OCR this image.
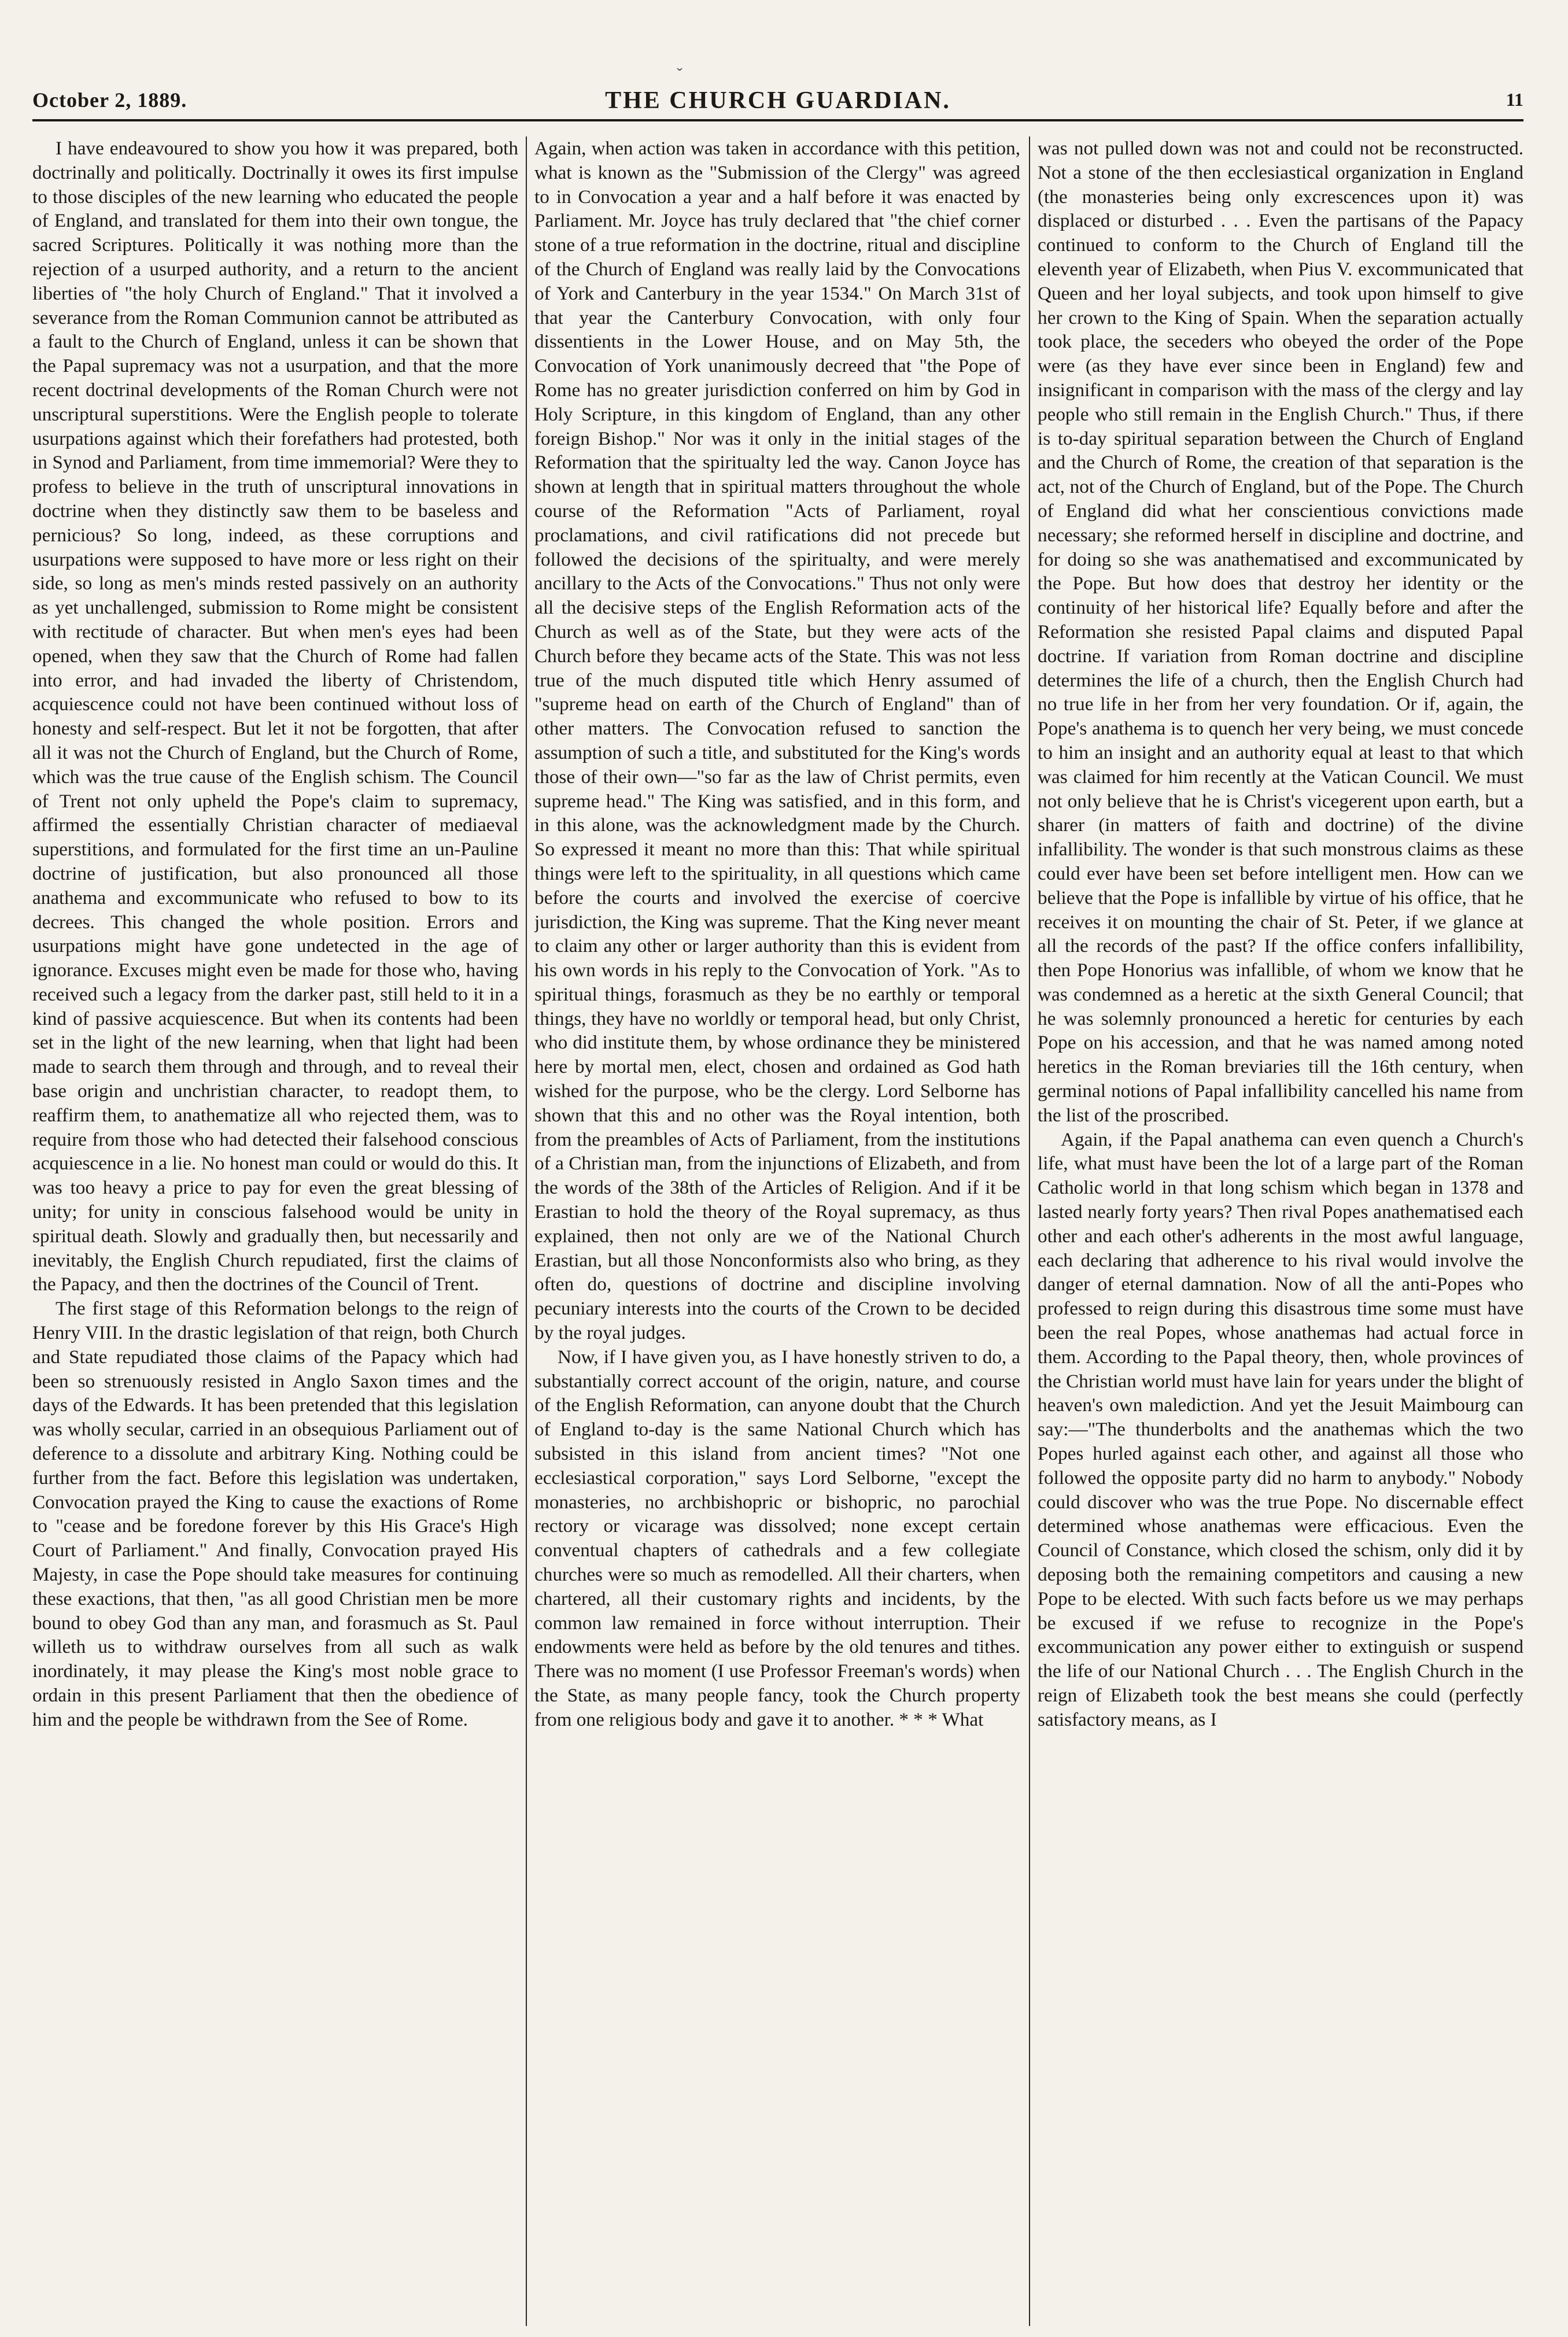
ˇ
October 2, 1889.	THE CHURCH GUARDIAN.	11

I have endeavoured to show you how it was prepared, both doctrinally and politically. Doctrinally it owes its first impulse to those disciples of the new learning who educated the people of England, and translated for them into their own tongue, the sacred Scriptures. Politically it was nothing more than the rejection of a usurped authority, and a return to the ancient liberties of "the holy Church of England." That it involved a severance from the Roman Communion cannot be attributed as a fault to the Church of England, unless it can be shown that the Papal supremacy was not a usurpation, and that the more recent doctrinal developments of the Roman Church were not unscriptural superstitions. Were the English people to tolerate usurpations against which their forefathers had protested, both in Synod and Parliament, from time immemorial? Were they to profess to believe in the truth of unscriptural innovations in doctrine when they distinctly saw them to be baseless and pernicious? So long, indeed, as these corruptions and usurpations were supposed to have more or less right on their side, so long as men's minds rested passively on an authority as yet unchallenged, submission to Rome might be consistent with rectitude of character. But when men's eyes had been opened, when they saw that the Church of Rome had fallen into error, and had invaded the liberty of Christendom, acquiescence could not have been continued without loss of honesty and self-respect. But let it not be forgotten, that after all it was not the Church of England, but the Church of Rome, which was the true cause of the English schism. The Council of Trent not only upheld the Pope's claim to supremacy, affirmed the essentially Christian character of mediaeval superstitions, and formulated for the first time an un-Pauline doctrine of justification, but also pronounced all those anathema and excommunicate who refused to bow to its decrees. This changed the whole position. Errors and usurpations might have gone undetected in the age of ignorance. Excuses might even be made for those who, having received such a legacy from the darker past, still held to it in a kind of passive acquiescence. But when its contents had been set in the light of the new learning, when that light had been made to search them through and through, and to reveal their base origin and unchristian character, to readopt them, to reaffirm them, to anathematize all who rejected them, was to require from those who had detected their falsehood conscious acquiescence in a lie. No honest man could or would do this. It was too heavy a price to pay for even the great blessing of unity; for unity in conscious falsehood would be unity in spiritual death. Slowly and gradually then, but necessarily and inevitably, the English Church repudiated, first the claims of the Papacy, and then the doctrines of the Council of Trent.

The first stage of this Reformation belongs to the reign of Henry VIII. In the drastic legislation of that reign, both Church and State repudiated those claims of the Papacy which had been so strenuously resisted in Anglo Saxon times and the days of the Edwards. It has been pretended that this legislation was wholly secular, carried in an obsequious Parliament out of deference to a dissolute and arbitrary King. Nothing could be further from the fact. Before this legislation was undertaken, Convocation prayed the King to cause the exactions of Rome to "cease and be foredone forever by this His Grace's High Court of Parliament." And finally, Convocation prayed His Majesty, in case the Pope should take measures for continuing these exactions, that then, "as all good Christian men be more bound to obey God than any man, and forasmuch as St. Paul willeth us to withdraw ourselves from all such as walk inordinately, it may please the King's most noble grace to ordain in this present Parliament that then the obedience of him and the people be withdrawn from the See of Rome.

Again, when action was taken in accordance with this petition, what is known as the "Submission of the Clergy" was agreed to in Convocation a year and a half before it was enacted by Parliament. Mr. Joyce has truly declared that "the chief corner stone of a true reformation in the doctrine, ritual and discipline of the Church of England was really laid by the Convocations of York and Canterbury in the year 1534." On March 31st of that year the Canterbury Convocation, with only four dissentients in the Lower House, and on May 5th, the Convocation of York unanimously decreed that "the Pope of Rome has no greater jurisdiction conferred on him by God in Holy Scripture, in this kingdom of England, than any other foreign Bishop." Nor was it only in the initial stages of the Reformation that the spiritualty led the way. Canon Joyce has shown at length that in spiritual matters throughout the whole course of the Reformation "Acts of Parliament, royal proclamations, and civil ratifications did not precede but followed the decisions of the spiritualty, and were merely ancillary to the Acts of the Convocations." Thus not only were all the decisive steps of the English Reformation acts of the Church as well as of the State, but they were acts of the Church before they became acts of the State. This was not less true of the much disputed title which Henry assumed of "supreme head on earth of the Church of England" than of other matters. The Convocation refused to sanction the assumption of such a title, and substituted for the King's words those of their own—"so far as the law of Christ permits, even supreme head." The King was satisfied, and in this form, and in this alone, was the acknowledgment made by the Church. So expressed it meant no more than this: That while spiritual things were left to the spirituality, in all questions which came before the courts and involved the exercise of coercive jurisdiction, the King was supreme. That the King never meant to claim any other or larger authority than this is evident from his own words in his reply to the Convocation of York. "As to spiritual things, forasmuch as they be no earthly or temporal things, they have no worldly or temporal head, but only Christ, who did institute them, by whose ordinance they be ministered here by mortal men, elect, chosen and ordained as God hath wished for the purpose, who be the clergy. Lord Selborne has shown that this and no other was the Royal intention, both from the preambles of Acts of Parliament, from the institutions of a Christian man, from the injunctions of Elizabeth, and from the words of the 38th of the Articles of Religion. And if it be Erastian to hold the theory of the Royal supremacy, as thus explained, then not only are we of the National Church Erastian, but all those Nonconformists also who bring, as they often do, questions of doctrine and discipline involving pecuniary interests into the courts of the Crown to be decided by the royal judges.

Now, if I have given you, as I have honestly striven to do, a substantially correct account of the origin, nature, and course of the English Reformation, can anyone doubt that the Church of England to-day is the same National Church which has subsisted in this island from ancient times? "Not one ecclesiastical corporation," says Lord Selborne, "except the monasteries, no archbishopric or bishopric, no parochial rectory or vicarage was dissolved; none except certain conventual chapters of cathedrals and a few collegiate churches were so much as remodelled. All their charters, when chartered, all their customary rights and incidents, by the common law remained in force without interruption. Their endowments were held as before by the old tenures and tithes. There was no moment (I use Professor Freeman's words) when the State, as many people fancy, took the Church property from one religious body and gave it to another. * * * What

was not pulled down was not and could not be reconstructed. Not a stone of the then ecclesiastical organization in England (the monasteries being only excrescences upon it) was displaced or disturbed . . . Even the partisans of the Papacy continued to conform to the Church of England till the eleventh year of Elizabeth, when Pius V. excommunicated that Queen and her loyal subjects, and took upon himself to give her crown to the King of Spain. When the separation actually took place, the seceders who obeyed the order of the Pope were (as they have ever since been in England) few and insignificant in comparison with the mass of the clergy and lay people who still remain in the English Church." Thus, if there is to-day spiritual separation between the Church of England and the Church of Rome, the creation of that separation is the act, not of the Church of England, but of the Pope. The Church of England did what her conscientious convictions made necessary; she reformed herself in discipline and doctrine, and for doing so she was anathematised and excommunicated by the Pope. But how does that destroy her identity or the continuity of her historical life? Equally before and after the Reformation she resisted Papal claims and disputed Papal doctrine. If variation from Roman doctrine and discipline determines the life of a church, then the English Church had no true life in her from her very foundation. Or if, again, the Pope's anathema is to quench her very being, we must concede to him an insight and an authority equal at least to that which was claimed for him recently at the Vatican Council. We must not only believe that he is Christ's vicegerent upon earth, but a sharer (in matters of faith and doctrine) of the divine infallibility. The wonder is that such monstrous claims as these could ever have been set before intelligent men. How can we believe that the Pope is infallible by virtue of his office, that he receives it on mounting the chair of St. Peter, if we glance at all the records of the past? If the office confers infallibility, then Pope Honorius was infallible, of whom we know that he was condemned as a heretic at the sixth General Council; that he was solemnly pronounced a heretic for centuries by each Pope on his accession, and that he was named among noted heretics in the Roman breviaries till the 16th century, when germinal notions of Papal infallibility cancelled his name from the list of the proscribed.

Again, if the Papal anathema can even quench a Church's life, what must have been the lot of a large part of the Roman Catholic world in that long schism which began in 1378 and lasted nearly forty years? Then rival Popes anathematised each other and each other's adherents in the most awful language, each declaring that adherence to his rival would involve the danger of eternal damnation. Now of all the anti-Popes who professed to reign during this disastrous time some must have been the real Popes, whose anathemas had actual force in them. According to the Papal theory, then, whole provinces of the Christian world must have lain for years under the blight of heaven's own malediction. And yet the Jesuit Maimbourg can say:—"The thunderbolts and the anathemas which the two Popes hurled against each other, and against all those who followed the opposite party did no harm to anybody." Nobody could discover who was the true Pope. No discernable effect determined whose anathemas were efficacious. Even the Council of Constance, which closed the schism, only did it by deposing both the remaining competitors and causing a new Pope to be elected. With such facts before us we may perhaps be excused if we refuse to recognize in the Pope's excommunication any power either to extinguish or suspend the life of our National Church . . . The English Church in the reign of Elizabeth took the best means she could (perfectly satisfactory means, as I
